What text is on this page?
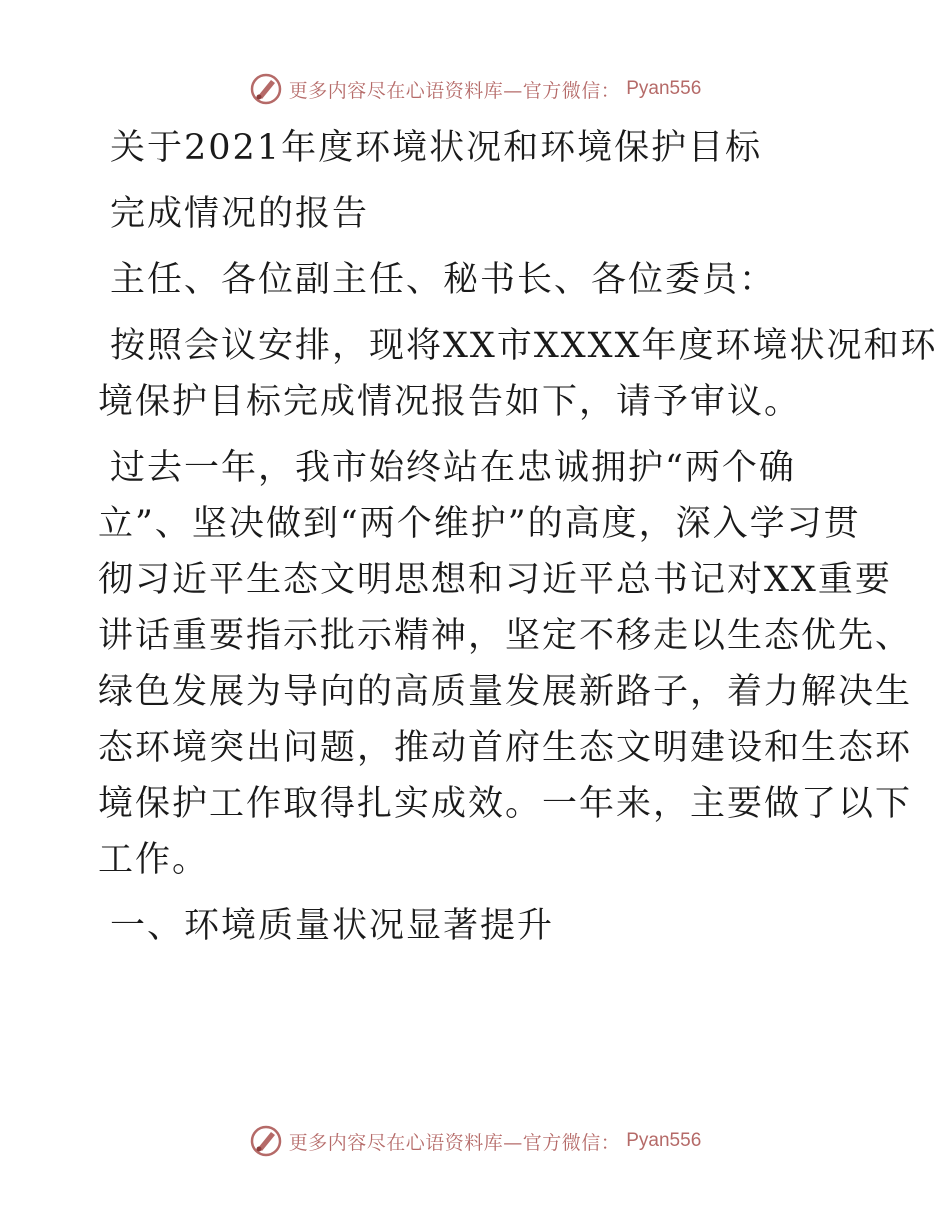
更多内容尽在心语资料库—官方微信： Pyan556
关于2021年度环境状况和环境保护目标
完成情况的报告
主任、各位副主任、秘书长、各位委员：
按照会议安排，现将XX市XXXX年度环境状况和环
境保护目标完成情况报告如下，请予审议。
过去一年，我市始终站在忠诚拥护“两个确
立”、坚决做到“两个维护”的高度，深入学习贯
彻习近平生态文明思想和习近平总书记对XX重要
讲话重要指示批示精神，坚定不移走以生态优先、
绿色发展为导向的高质量发展新路子，着力解决生
态环境突出问题，推动首府生态文明建设和生态环
境保护工作取得扎实成效。一年来，主要做了以下
工作。
一、环境质量状况显著提升
更多内容尽在心语资料库—官方微信： Pyan556
